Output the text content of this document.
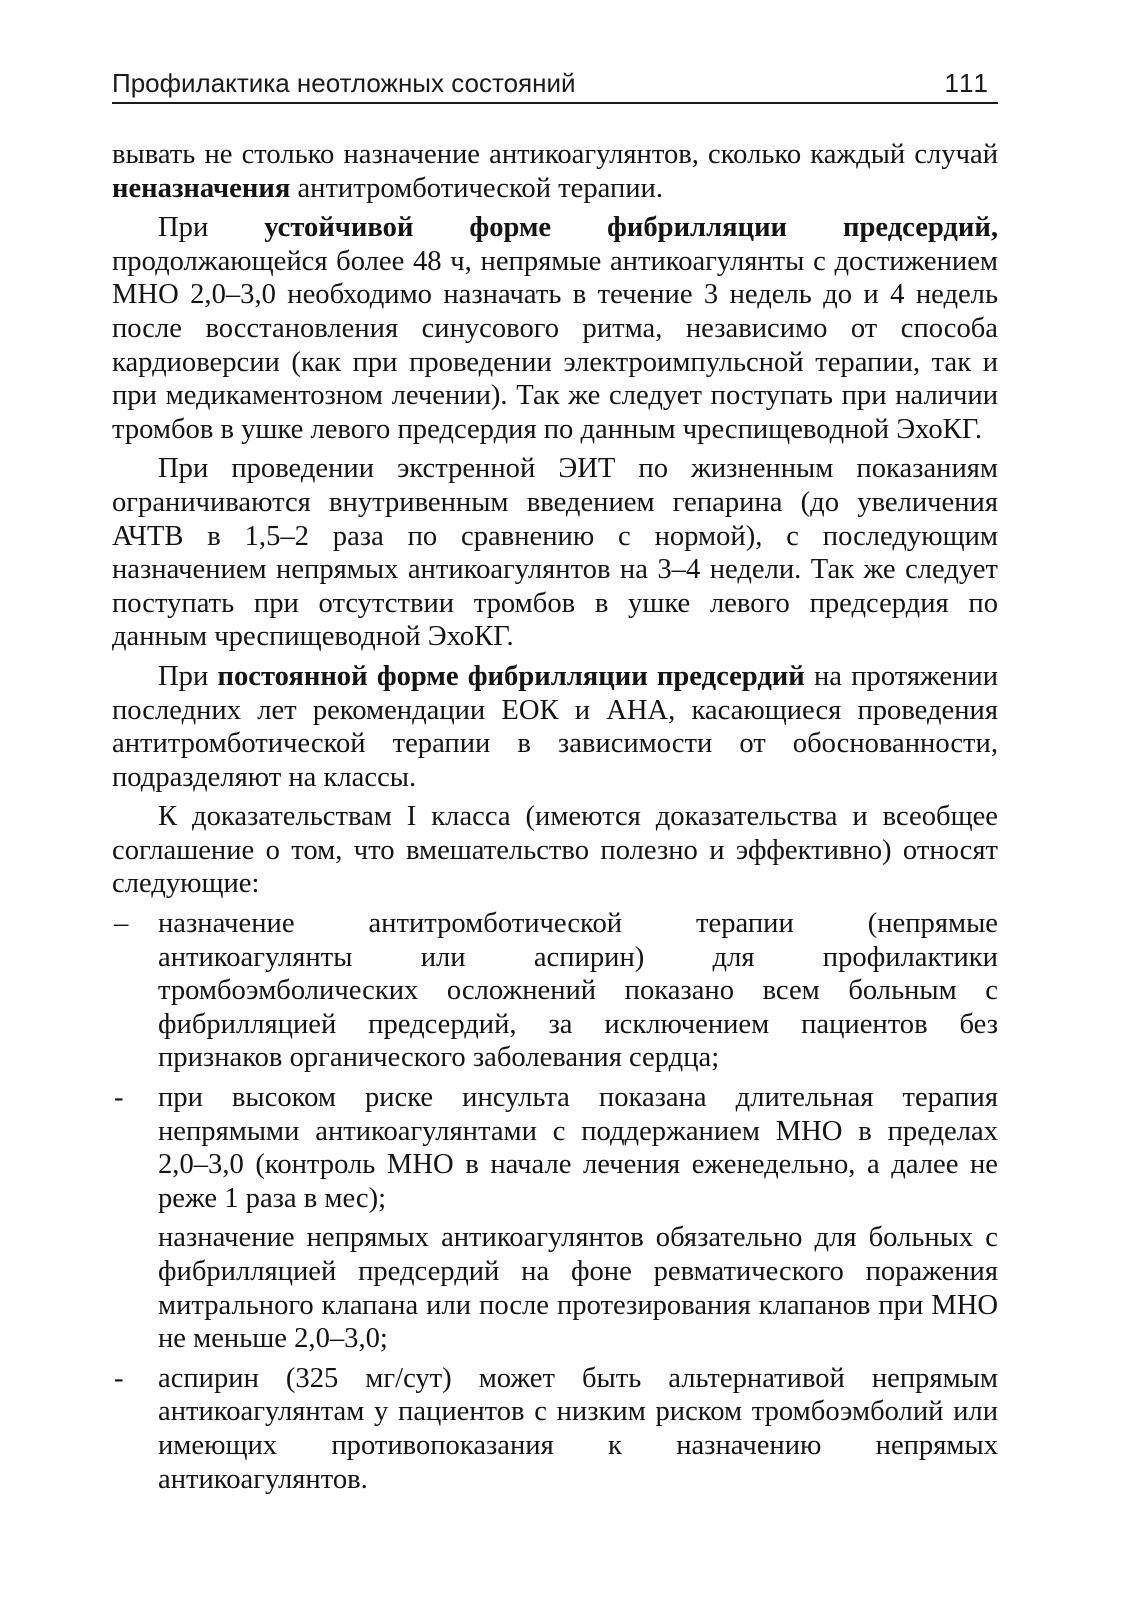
Профилактика неотложных состояний	111

вывать не столько назначение антикоагулянтов, сколько каждый случай неназначения антитромботической терапии.

При устойчивой форме фибрилляции предсердий, продолжающейся более 48 ч, непрямые антикоагулянты с достижением МНО 2,0–3,0 необходимо назначать в течение 3 недель до и 4 недель после восстановления синусового ритма, независимо от способа кардиоверсии (как при проведении электроимпульсной терапии, так и при медикаментозном лечении). Так же следует поступать при наличии тромбов в ушке левого предсердия по данным чреспищеводной ЭхоКГ.

При проведении экстренной ЭИТ по жизненным показаниям ограничиваются внутривенным введением гепарина (до увеличения АЧТВ в 1,5–2 раза по сравнению с нормой), с последующим назначением непрямых антикоагулянтов на 3–4 недели. Так же следует поступать при отсутствии тромбов в ушке левого предсердия по данным чреспищеводной ЭхоКГ.

При постоянной форме фибрилляции предсердий на протяжении последних лет рекомендации ЕОК и АНА, касающиеся проведения антитромботической терапии в зависимости от обоснованности, подразделяют на классы.

К доказательствам I класса (имеются доказательства и всеобщее соглашение о том, что вмешательство полезно и эффективно) относят следующие:

– назначение антитромботической терапии (непрямые антикоагулянты или аспирин) для профилактики тромбоэмболических осложнений показано всем больным с фибрилляцией предсердий, за исключением пациентов без признаков органического заболевания сердца;
- при высоком риске инсульта показана длительная терапия непрямыми антикоагулянтами с поддержанием МНО в пределах 2,0–3,0 (контроль МНО в начале лечения еженедельно, а далее не реже 1 раза в мес);
назначение непрямых антикоагулянтов обязательно для больных с фибрилляцией предсердий на фоне ревматического поражения митрального клапана или после протезирования клапанов при МНО не меньше 2,0–3,0;
- аспирин (325 мг/сут) может быть альтернативой непрямым антикоагулянтам у пациентов с низким риском тромбоэмболий или имеющих противопоказания к назначению непрямых антикоагулянтов.
